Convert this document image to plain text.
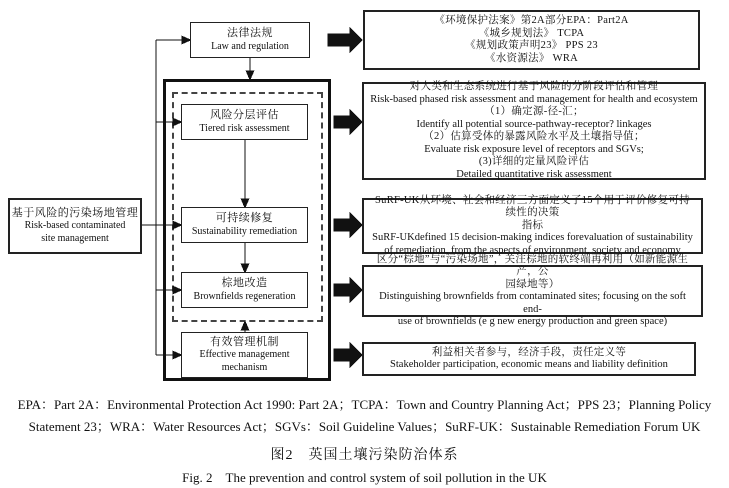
法律法规
Law and regulation
基于风险的污染场地管理
Risk-based contaminated
site management
风险分层评估
Tiered risk assessment
可持续修复
Sustainability remediation
棕地改造
Brownfields regeneration
有效管理机制
Effective management
mechanism
《环境保护法案》第2A部分EPA：Part2A
《城乡规划法》 TCPA
《规划政策声明23》 PPS 23
《水资源法》 WRA
对人类和生态系统进行基于风险的分阶段评估和管理
Risk-based phased risk assessment and management for health and ecosystem
（1）确定源-径-汇；
Identify all potential source-pathway-receptor? linkages
（2）估算受体的暴露风险水平及土壤指导值；
Evaluate risk exposure level of receptors and SGVs;
(3)详细的定量风险评估
Detailed quantitative risk assessment
SuRF-UK从环境、社会和经济三方面定义了15个用于评价修复可持续性的决策
指标
SuRF-UKdefined 15 decision-making indices forevaluation of sustainability
of remediation, from the aspects of environment, society and economy
区分“棕地”与“污染场地”，关注棕地的软终端再利用（如新能源生产，公
园绿地等）
Distinguishing brownfields from contaminated sites; focusing on the soft end-
use of brownfields (e g new energy production and green space)
利益相关者参与，经济手段，责任定义等
Stakeholder participation, economic means and liability definition
EPA：Part 2A：Environmental Protection Act 1990: Part 2A；TCPA：Town and Country Planning Act；PPS 23；Planning Policy
Statement 23；WRA：Water Resources Act；SGVs：Soil Guideline Values；SuRF-UK：Sustainable Remediation Forum UK
图2　英国土壤污染防治体系
Fig. 2　The prevention and control system of soil pollution in the UK
